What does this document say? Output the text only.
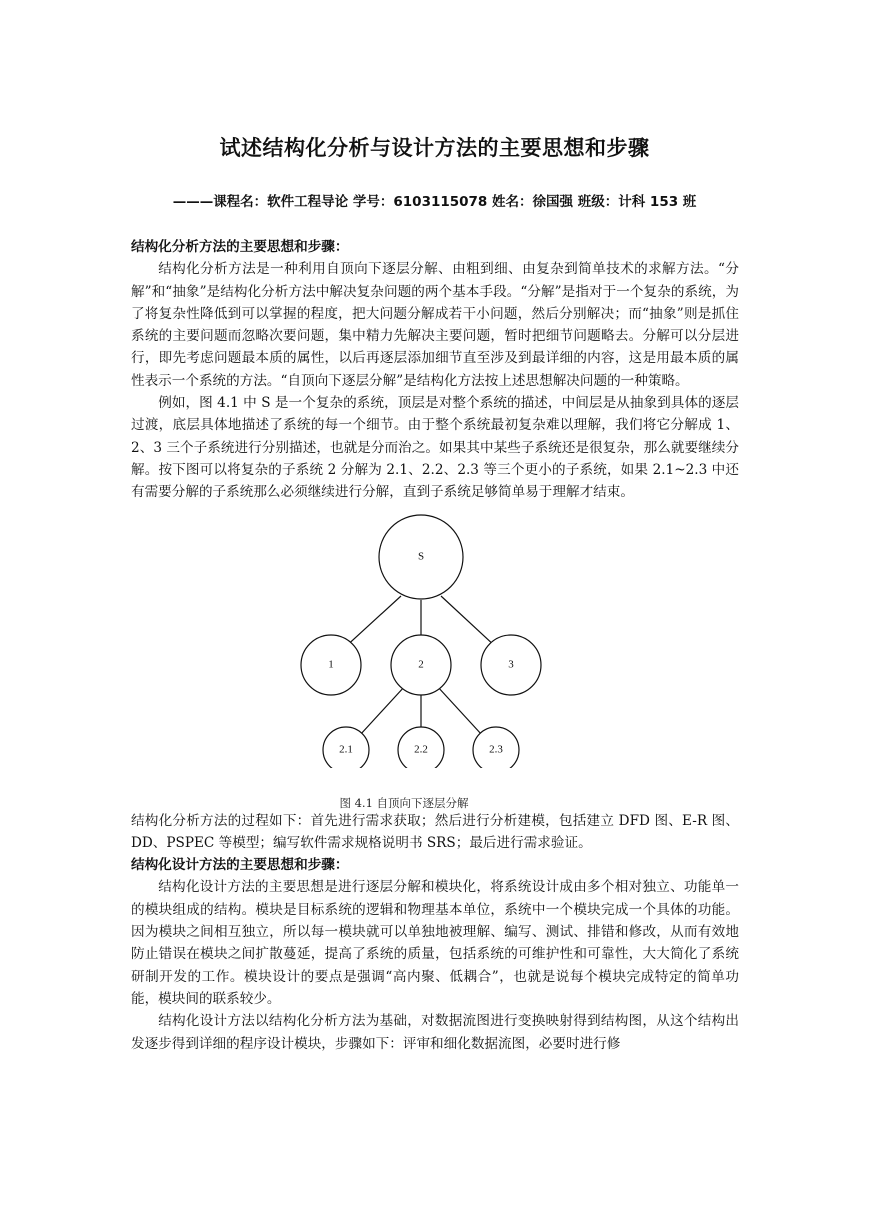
试述结构化分析与设计方法的主要思想和步骤
———课程名：软件工程导论 学号：6103115078 姓名：徐国强 班级：计科 153 班

结构化分析方法的主要思想和步骤：

结构化分析方法是一种利用自顶向下逐层分解、由粗到细、由复杂到简单技术的求解方法。“分解”和“抽象”是结构化分析方法中解决复杂问题的两个基本手段。“分解”是指对于一个复杂的系统，为了将复杂性降低到可以掌握的程度，把大问题分解成若干小问题，然后分别解决；而“抽象”则是抓住系统的主要问题而忽略次要问题，集中精力先解决主要问题，暂时把细节问题略去。分解可以分层进行，即先考虑问题最本质的属性，以后再逐层添加细节直至涉及到最详细的内容，这是用最本质的属性表示一个系统的方法。“自顶向下逐层分解”是结构化方法按上述思想解决问题的一种策略。

例如，图 4.1 中 S 是一个复杂的系统，顶层是对整个系统的描述，中间层是从抽象到具体的逐层过渡，底层具体地描述了系统的每一个细节。由于整个系统最初复杂难以理解，我们将它分解成 1、2、3 三个子系统进行分别描述，也就是分而治之。如果其中某些子系统还是很复杂，那么就要继续分解。按下图可以将复杂的子系统 2 分解为 2.1、2.2、2.3 等三个更小的子系统，如果 2.1~2.3 中还有需要分解的子系统那么必须继续进行分解，直到子系统足够简单易于理解才结束。

S
1	2	3
2.1	2.2	2.3
图 4.1 自顶向下逐层分解

结构化分析方法的过程如下：首先进行需求获取；然后进行分析建模，包括建立 DFD 图、E-R 图、DD、PSPEC 等模型；编写软件需求规格说明书 SRS；最后进行需求验证。

结构化设计方法的主要思想和步骤：

结构化设计方法的主要思想是进行逐层分解和模块化，将系统设计成由多个相对独立、功能单一的模块组成的结构。模块是目标系统的逻辑和物理基本单位，系统中一个模块完成一个具体的功能。因为模块之间相互独立，所以每一模块就可以单独地被理解、编写、测试、排错和修改，从而有效地防止错误在模块之间扩散蔓延，提高了系统的质量，包括系统的可维护性和可靠性，大大简化了系统研制开发的工作。模块设计的要点是强调“高内聚、低耦合”，也就是说每个模块完成特定的简单功能，模块间的联系较少。

结构化设计方法以结构化分析方法为基础，对数据流图进行变换映射得到结构图，从这个结构出发逐步得到详细的程序设计模块，步骤如下：评审和细化数据流图，必要时进行修
